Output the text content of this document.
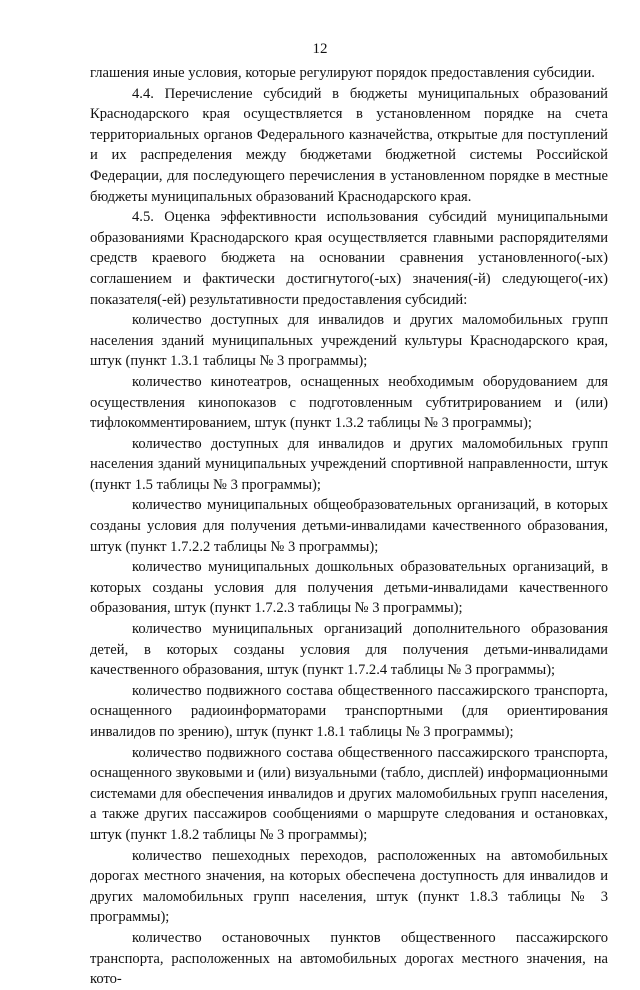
12

глашения иные условия, которые регулируют порядок предоставления субсидии.

4.4. Перечисление субсидий в бюджеты муниципальных образований Краснодарского края осуществляется в установленном порядке на счета территориальных органов Федерального казначейства, открытые для поступлений и их распределения между бюджетами бюджетной системы Российской Федерации, для последующего перечисления в установленном порядке в местные бюджеты муниципальных образований Краснодарского края.

4.5. Оценка эффективности использования субсидий муниципальными образованиями Краснодарского края осуществляется главными распорядителями средств краевого бюджета на основании сравнения установленного(-ых) соглашением и фактически достигнутого(-ых) значения(-й) следующего(-их) показателя(-ей) результативности предоставления субсидий:

количество доступных для инвалидов и других маломобильных групп населения зданий муниципальных учреждений культуры Краснодарского края, штук (пункт 1.3.1 таблицы № 3 программы);

количество кинотеатров, оснащенных необходимым оборудованием для осуществления кинопоказов с подготовленным субтитрированием и (или) тифлокомментированием, штук (пункт 1.3.2 таблицы № 3 программы);

количество доступных для инвалидов и других маломобильных групп населения зданий муниципальных учреждений спортивной направленности, штук (пункт 1.5 таблицы № 3 программы);

количество муниципальных общеобразовательных организаций, в которых созданы условия для получения детьми-инвалидами качественного образования, штук (пункт 1.7.2.2 таблицы № 3 программы);

количество муниципальных дошкольных образовательных организаций, в которых созданы условия для получения детьми-инвалидами качественного образования, штук (пункт 1.7.2.3 таблицы № 3 программы);

количество муниципальных организаций дополнительного образования детей, в которых созданы условия для получения детьми-инвалидами качественного образования, штук (пункт 1.7.2.4 таблицы № 3 программы);

количество подвижного состава общественного пассажирского транспорта, оснащенного радиоинформаторами транспортными (для ориентирования инвалидов по зрению), штук (пункт 1.8.1 таблицы № 3 программы);

количество подвижного состава общественного пассажирского транспорта, оснащенного звуковыми и (или) визуальными (табло, дисплей) информационными системами для обеспечения инвалидов и других маломобильных групп населения, а также других пассажиров сообщениями о маршруте следования и остановках, штук (пункт 1.8.2 таблицы № 3 программы);

количество пешеходных переходов, расположенных на автомобильных дорогах местного значения, на которых обеспечена доступность для инвалидов и других маломобильных групп населения, штук (пункт 1.8.3 таблицы № 3 программы);

количество остановочных пунктов общественного пассажирского транспорта, расположенных на автомобильных дорогах местного значения, на кото-
